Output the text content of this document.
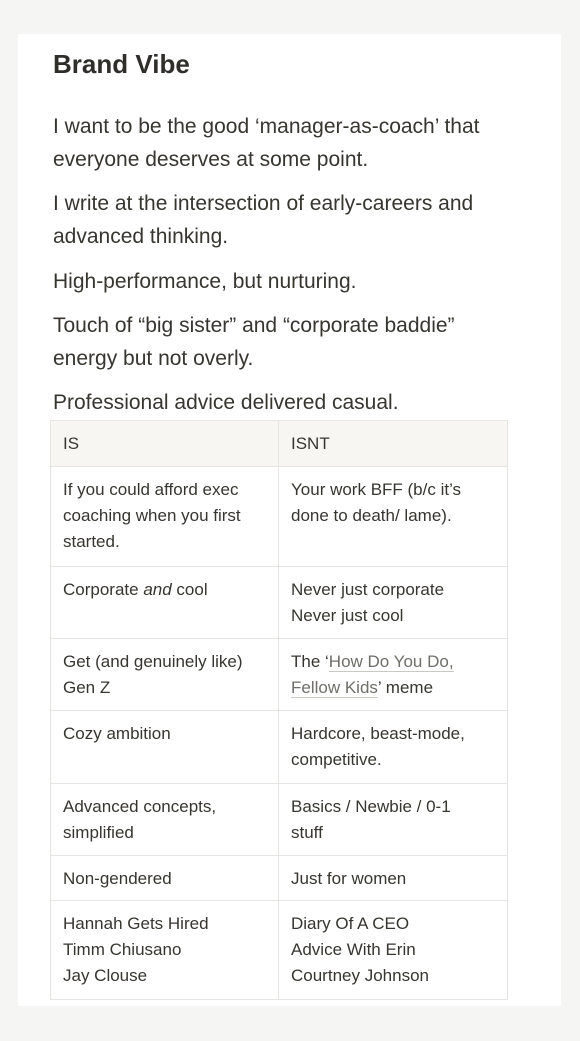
Brand Vibe

I want to be the good ‘manager-as-coach’ that
everyone deserves at some point.

I write at the intersection of early-careers and
advanced thinking.

High-performance, but nurturing.

Touch of “big sister” and “corporate baddie”
energy but not overly.

Professional advice delivered casual.

IS	ISNT

If you could afford exec
coaching when you first
started.	Your work BFF (b/c it’s
done to death/ lame).

Corporate and cool	Never just corporate
Never just cool

Get (and genuinely like)
Gen Z	The ‘How Do You Do,
Fellow Kids’ meme

Cozy ambition	Hardcore, beast-mode,
competitive.

Advanced concepts,
simplified	Basics / Newbie / 0-1
stuff

Non-gendered	Just for women

Hannah Gets Hired
Timm Chiusano
Jay Clouse	Diary Of A CEO
Advice With Erin
Courtney Johnson
